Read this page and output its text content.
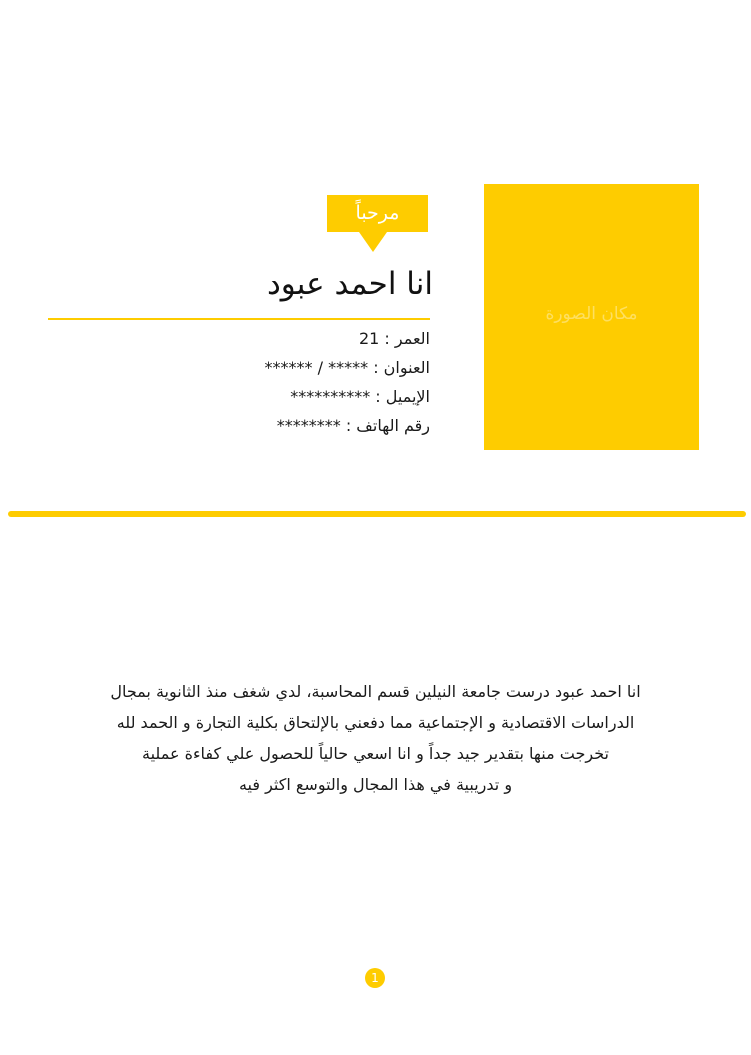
مكان الصورة
مرحباً
انا احمد عبود
العمر : 21
العنوان : ***** / ******
الإيميل : **********
رقم الهاتف : ********
انا احمد عبود درست جامعة النيلين قسم المحاسبة، لدي شغف منذ الثانوية بمجال
الدراسات الاقتصادية و الإجتماعية مما دفعني بالإلتحاق بكلية التجارة و الحمد لله
تخرجت منها بتقدير جيد جداً و انا اسعي حالياً للحصول علي كفاءة عملية
و تدريبية في هذا المجال والتوسع اكثر فيه
1
